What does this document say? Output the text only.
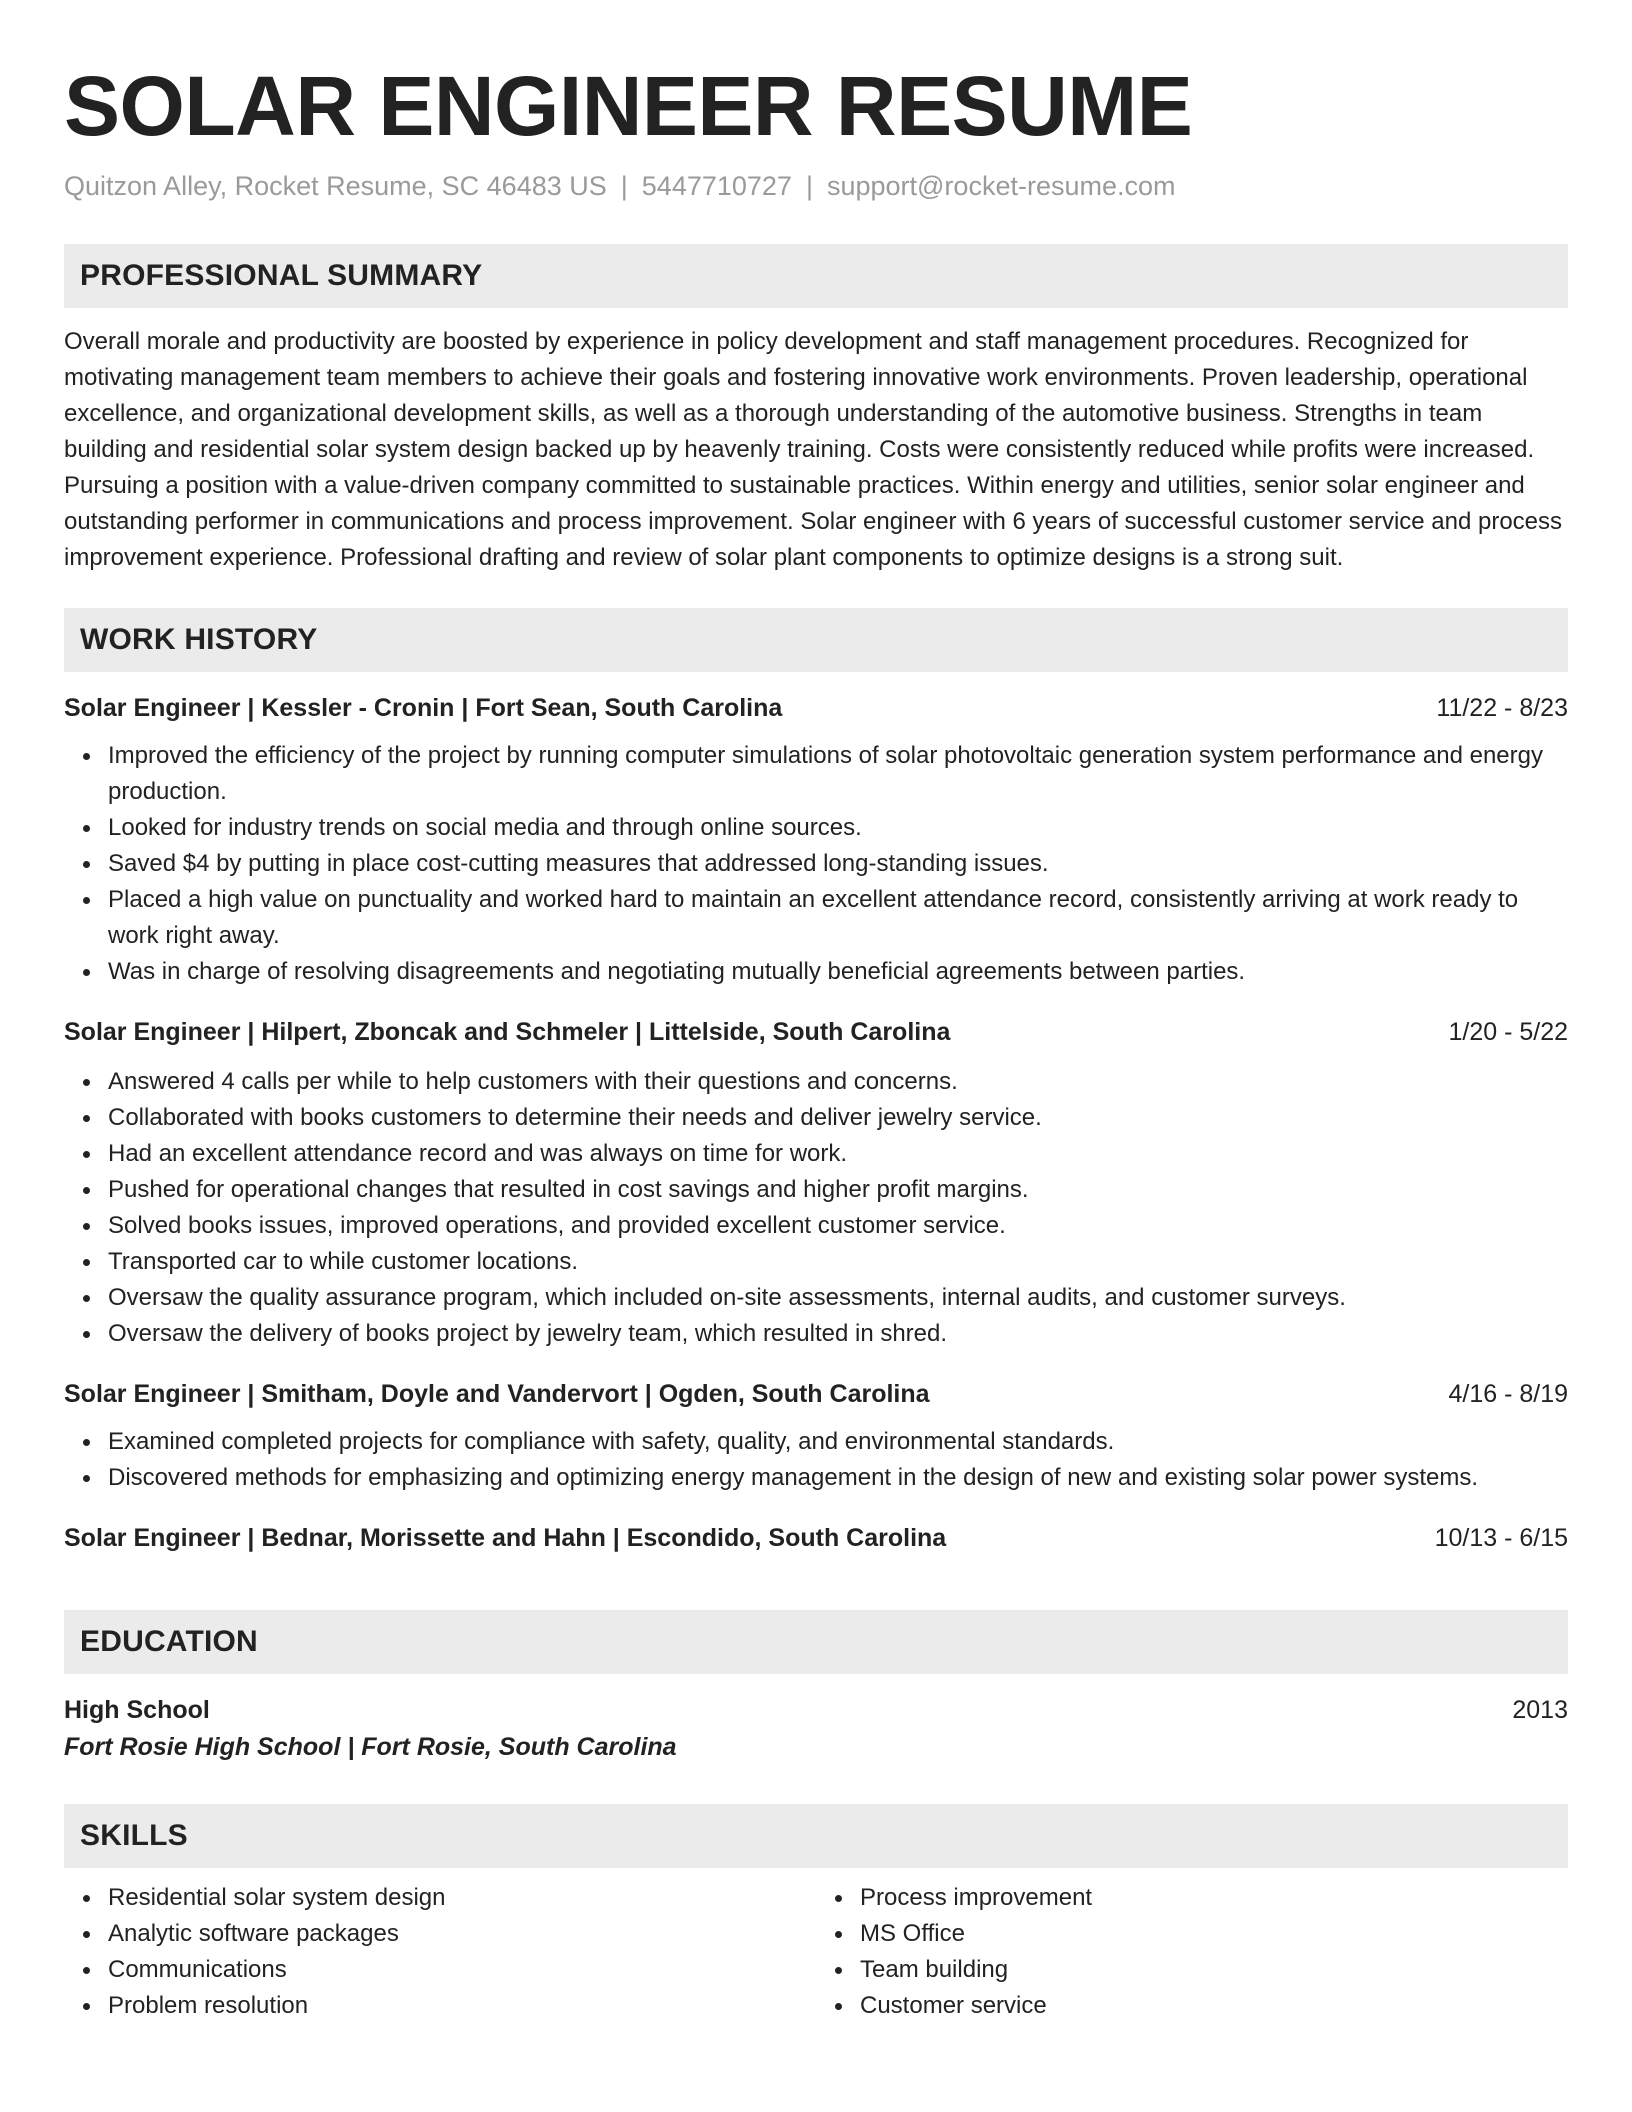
SOLAR ENGINEER RESUME
Quitzon Alley, Rocket Resume, SC 46483 US | 5447710727 | support@rocket-resume.com
PROFESSIONAL SUMMARY
Overall morale and productivity are boosted by experience in policy development and staff management procedures. Recognized for motivating management team members to achieve their goals and fostering innovative work environments. Proven leadership, operational excellence, and organizational development skills, as well as a thorough understanding of the automotive business. Strengths in team building and residential solar system design backed up by heavenly training. Costs were consistently reduced while profits were increased. Pursuing a position with a value-driven company committed to sustainable practices. Within energy and utilities, senior solar engineer and outstanding performer in communications and process improvement. Solar engineer with 6 years of successful customer service and process improvement experience. Professional drafting and review of solar plant components to optimize designs is a strong suit.
WORK HISTORY
Solar Engineer | Kessler - Cronin | Fort Sean, South Carolina	11/22 - 8/23
Improved the efficiency of the project by running computer simulations of solar photovoltaic generation system performance and energy production.
Looked for industry trends on social media and through online sources.
Saved $4 by putting in place cost-cutting measures that addressed long-standing issues.
Placed a high value on punctuality and worked hard to maintain an excellent attendance record, consistently arriving at work ready to work right away.
Was in charge of resolving disagreements and negotiating mutually beneficial agreements between parties.
Solar Engineer | Hilpert, Zboncak and Schmeler | Littelside, South Carolina	1/20 - 5/22
Answered 4 calls per while to help customers with their questions and concerns.
Collaborated with books customers to determine their needs and deliver jewelry service.
Had an excellent attendance record and was always on time for work.
Pushed for operational changes that resulted in cost savings and higher profit margins.
Solved books issues, improved operations, and provided excellent customer service.
Transported car to while customer locations.
Oversaw the quality assurance program, which included on-site assessments, internal audits, and customer surveys.
Oversaw the delivery of books project by jewelry team, which resulted in shred.
Solar Engineer | Smitham, Doyle and Vandervort | Ogden, South Carolina	4/16 - 8/19
Examined completed projects for compliance with safety, quality, and environmental standards.
Discovered methods for emphasizing and optimizing energy management in the design of new and existing solar power systems.
Solar Engineer | Bednar, Morissette and Hahn | Escondido, South Carolina	10/13 - 6/15
EDUCATION
High School	2013
Fort Rosie High School | Fort Rosie, South Carolina
SKILLS
Residential solar system design
Analytic software packages
Communications
Problem resolution
Process improvement
MS Office
Team building
Customer service
